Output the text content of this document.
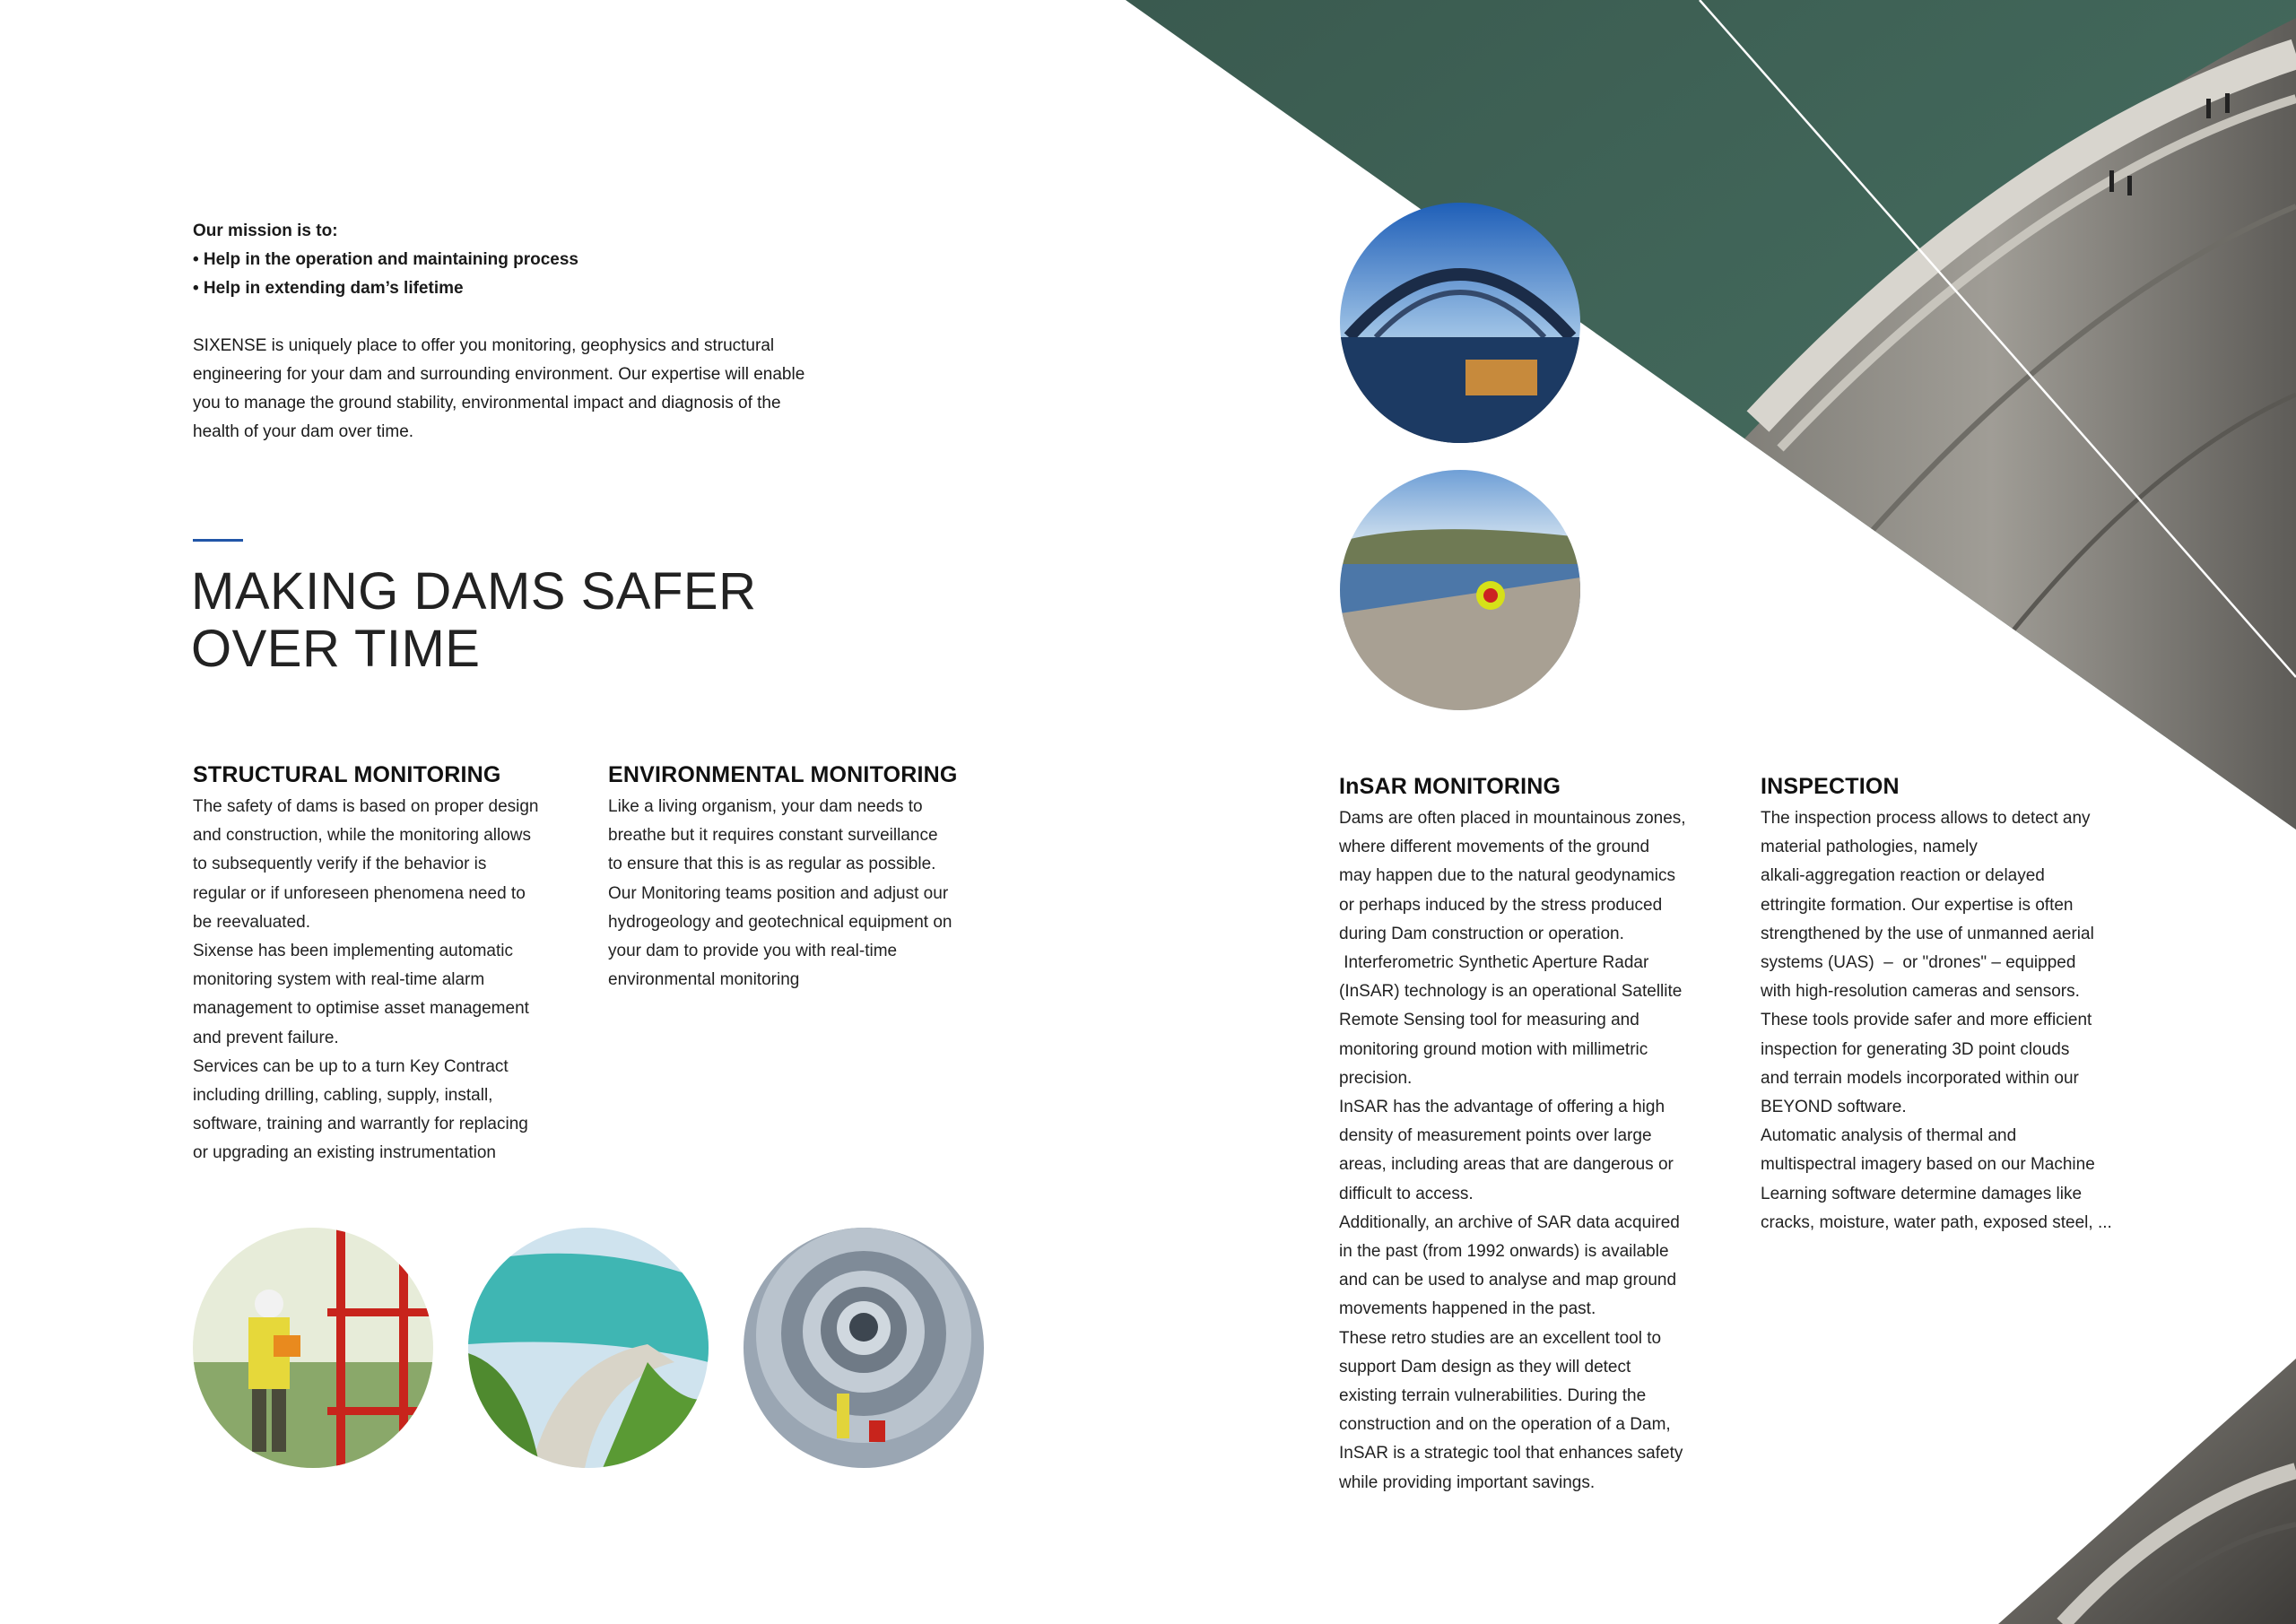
Our mission is to:

• Help in the operation and maintaining process

• Help in extending dam’s lifetime

SIXENSE is uniquely place to offer you monitoring, geophysics and structural

engineering for your dam and surrounding environment. Our expertise will enable

you to manage the ground stability, environmental impact and diagnosis of the

health of your dam over time.

MAKING DAMS SAFER
OVER TIME
STRUCTURAL MONITORING
The safety of dams is based on proper design
and construction, while the monitoring allows
to subsequently verify if the behavior is
regular or if unforeseen phenomena need to
be reevaluated.
Sixense has been implementing automatic
monitoring system with real-time alarm
management to optimise asset management
and prevent failure.
Services can be up to a turn Key Contract
including drilling, cabling, supply, install,
software, training and warrantly for replacing
or upgrading an existing instrumentation
ENVIRONMENTAL MONITORING
Like a living organism, your dam needs to
breathe but it requires constant surveillance
to ensure that this is as regular as possible.
Our Monitoring teams position and adjust our
hydrogeology and geotechnical equipment on
your dam to provide you with real-time
environmental monitoring
InSAR MONITORING
Dams are often placed in mountainous zones,
where different movements of the ground
may happen due to the natural geodynamics
or perhaps induced by the stress produced
during Dam construction or operation.
Interferometric Synthetic Aperture Radar
(InSAR) technology is an operational Satellite
Remote Sensing tool for measuring and
monitoring ground motion with millimetric
precision.
InSAR has the advantage of offering a high
density of measurement points over large
areas, including areas that are dangerous or
difficult to access.
Additionally, an archive of SAR data acquired
in the past (from 1992 onwards) is available
and can be used to analyse and map ground
movements happened in the past.
These retro studies are an excellent tool to
support Dam design as they will detect
existing terrain vulnerabilities. During the
construction and on the operation of a Dam,
InSAR is a strategic tool that enhances safety
while providing important savings.
INSPECTION
The inspection process allows to detect any
material pathologies, namely
alkali-aggregation reaction or delayed
ettringite formation. Our expertise is often
strengthened by the use of unmanned aerial
systems (UAS)  –  or "drones" – equipped
with high-resolution cameras and sensors.
These tools provide safer and more efficient
inspection for generating 3D point clouds
and terrain models incorporated within our
BEYOND software.
Automatic analysis of thermal and
multispectral imagery based on our Machine
Learning software determine damages like
cracks, moisture, water path, exposed steel, ...
